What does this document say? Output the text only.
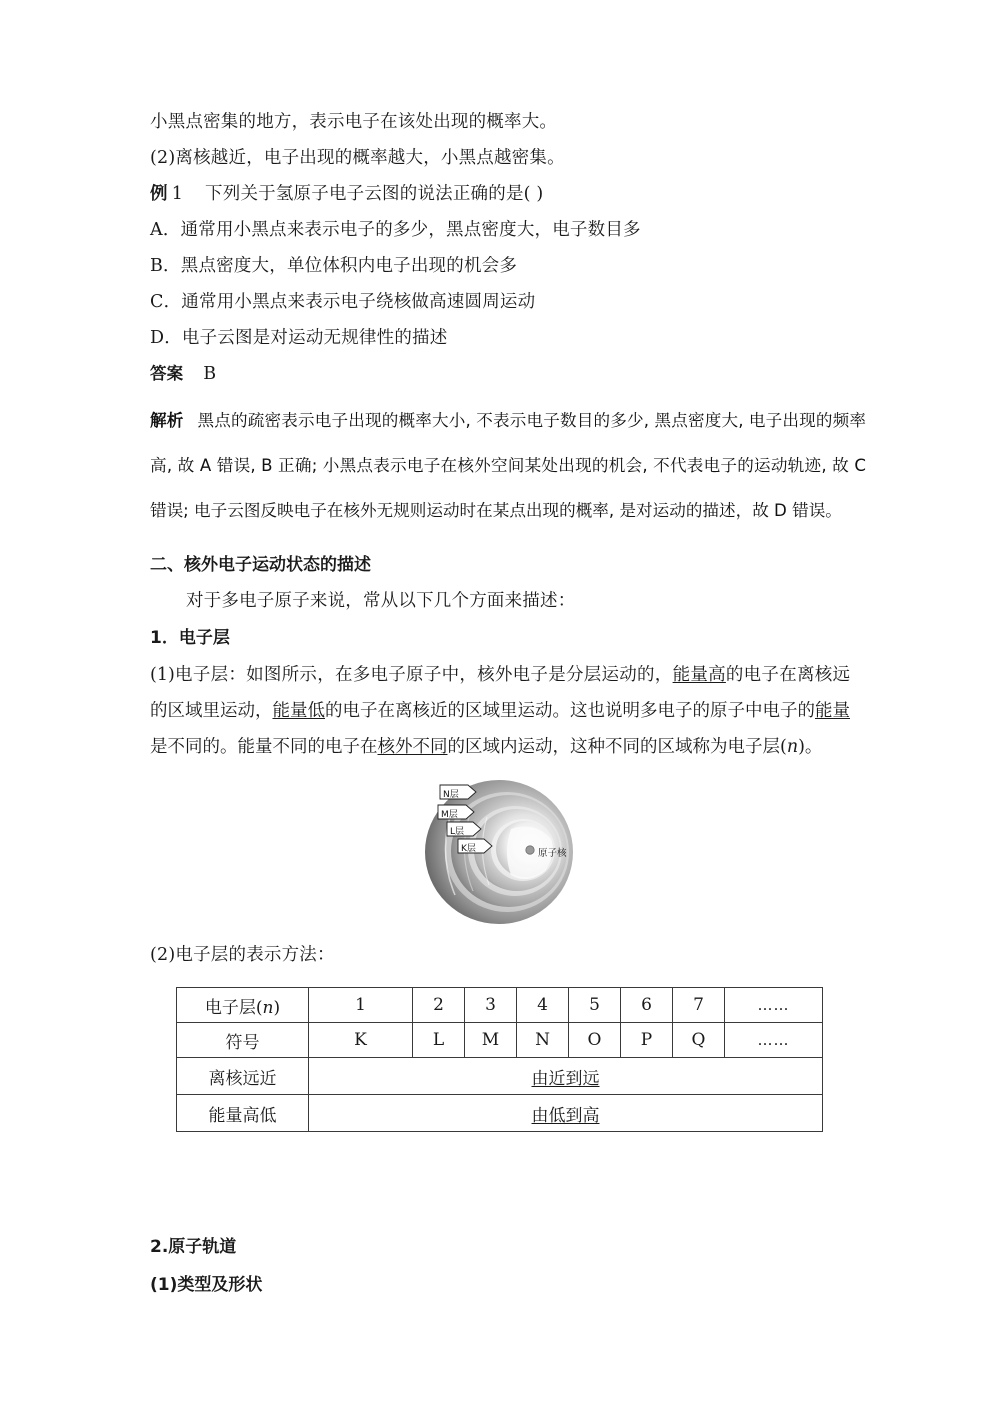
小黑点密集的地方，表示电子在该处出现的概率大。
(2)离核越近，电子出现的概率越大，小黑点越密集。
例 1 下列关于氢原子电子云图的说法正确的是( )
A．通常用小黑点来表示电子的多少，黑点密度大，电子数目多
B．黑点密度大，单位体积内电子出现的机会多
C．通常用小黑点来表示电子绕核做高速圆周运动
D．电子云图是对运动无规律性的描述
答案 B
解析 黑点的疏密表示电子出现的概率大小, 不表示电子数目的多少, 黑点密度大, 电子出现的频率高, 故 A 错误, B 正确; 小黑点表示电子在核外空间某处出现的机会, 不代表电子的运动轨迹, 故 C 错误; 电子云图反映电子在核外无规则运动时在某点出现的概率, 是对运动的描述，故 D 错误。
二、核外电子运动状态的描述
对于多电子原子来说，常从以下几个方面来描述：
1．电子层
(1)电子层：如图所示，在多电子原子中，核外电子是分层运动的，能量高的电子在离核远的区域里运动，能量低的电子在离核近的区域里运动。这也说明多电子的原子中电子的能量是不同的。能量不同的电子在核外不同的区域内运动，这种不同的区域称为电子层(n)。
N层
M层
L层
K层	原子核
(2)电子层的表示方法：
电子层(n)	1	2	3	4	5	6	7	……
符号	K	L	M	N	O	P	Q	……
离核远近	由近到远							
能量高低	由低到高							
2.原子轨道
(1)类型及形状
